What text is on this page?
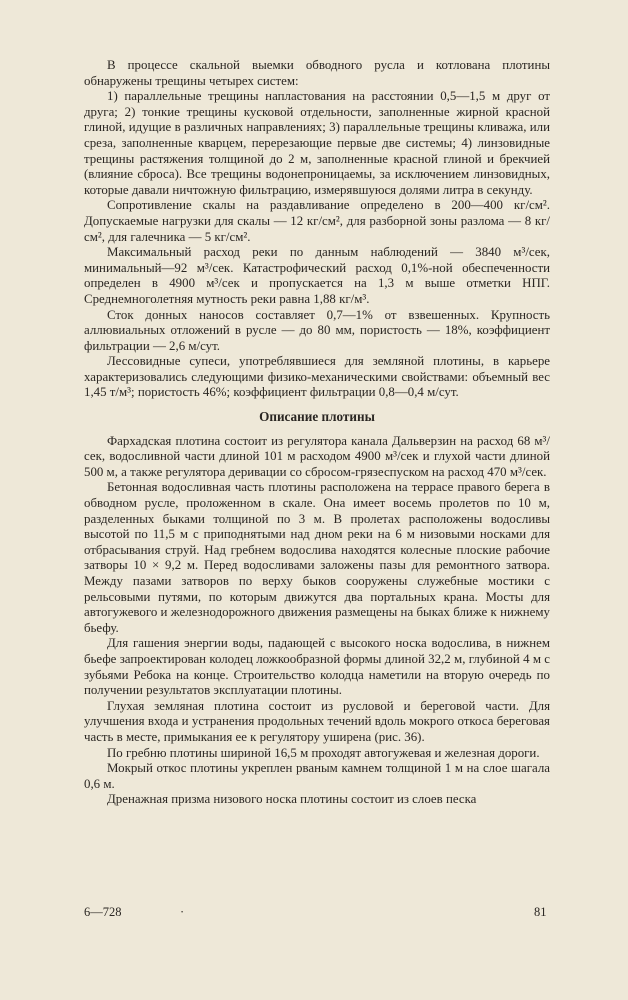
В процессе скальной выемки обводного русла и котлована плотины обнаружены трещины четырех систем:

1) параллельные трещины напластования на расстоянии 0,5—1,5 м друг от друга; 2) тонкие трещины кусковой отдельности, заполненные жирной красной глиной, идущие в различных направлениях; 3) параллельные трещины кливажа, или среза, заполненные кварцем, перерезающие первые две системы; 4) линзовидные трещины растяжения толщиной до 2 м, заполненные красной глиной и брекчией (влияние сброса). Все трещины водонепроницаемы, за исключением линзовидных, которые давали ничтожную фильтрацию, измерявшуюся долями литра в секунду.

Сопротивление скалы на раздавливание определено в 200—400 кг/см². Допускаемые нагрузки для скалы — 12 кг/см², для разборной зоны разлома — 8 кг/см², для галечника — 5 кг/см².

Максимальный расход реки по данным наблюдений — 3840 м³/сек, минимальный—92 м³/сек. Катастрофический расход 0,1%-ной обеспеченности определен в 4900 м³/сек и пропускается на 1,3 м выше отметки НПГ. Среднемноголетняя мутность реки равна 1,88 кг/м³.

Сток донных наносов составляет 0,7—1% от взвешенных. Крупность аллювиальных отложений в русле — до 80 мм, пористость — 18%, коэффициент фильтрации — 2,6 м/сут.

Лессовидные супеси, употреблявшиеся для земляной плотины, в карьере характеризовались следующими физико-механическими свойствами: объемный вес 1,45 т/м³; пористость 46%; коэффициент фильтрации 0,8—0,4 м/сут.

Описание плотины

Фархадская плотина состоит из регулятора канала Дальверзин на расход 68 м³/сек, водосливной части длиной 101 м расходом 4900 м³/сек и глухой части длиной 500 м, а также регулятора деривации со сбросом-грязеспуском на расход 470 м³/сек.

Бетонная водосливная часть плотины расположена на террасе правого берега в обводном русле, проложенном в скале. Она имеет восемь пролетов по 10 м, разделенных быками толщиной по 3 м. В пролетах расположены водосливы высотой по 11,5 м с приподнятыми над дном реки на 6 м низовыми носками для отбрасывания струй. Над гребнем водослива находятся колесные плоские рабочие затворы 10 × 9,2 м. Перед водосливами заложены пазы для ремонтного затвора. Между пазами затворов по верху быков сооружены служебные мостики с рельсовыми путями, по которым движутся два портальных крана. Мосты для автогужевого и железнодорожного движения размещены на быках ближе к нижнему бьефу.

Для гашения энергии воды, падающей с высокого носка водослива, в нижнем бьефе запроектирован колодец ложкообразной формы длиной 32,2 м, глубиной 4 м с зубьями Ребока на конце. Строительство колодца наметили на вторую очередь по получении результатов эксплуатации плотины.

Глухая земляная плотина состоит из русловой и береговой части. Для улучшения входа и устранения продольных течений вдоль мокрого откоса береговая часть в месте, примыкания ее к регулятору уширена (рис. 36).

По гребню плотины шириной 16,5 м проходят автогужевая и железная дороги.

Мокрый откос плотины укреплен рваным камнем толщиной 1 м на слое шагала 0,6 м.

Дренажная призма низового носка плотины состоит из слоев песка

6—728	·	81
